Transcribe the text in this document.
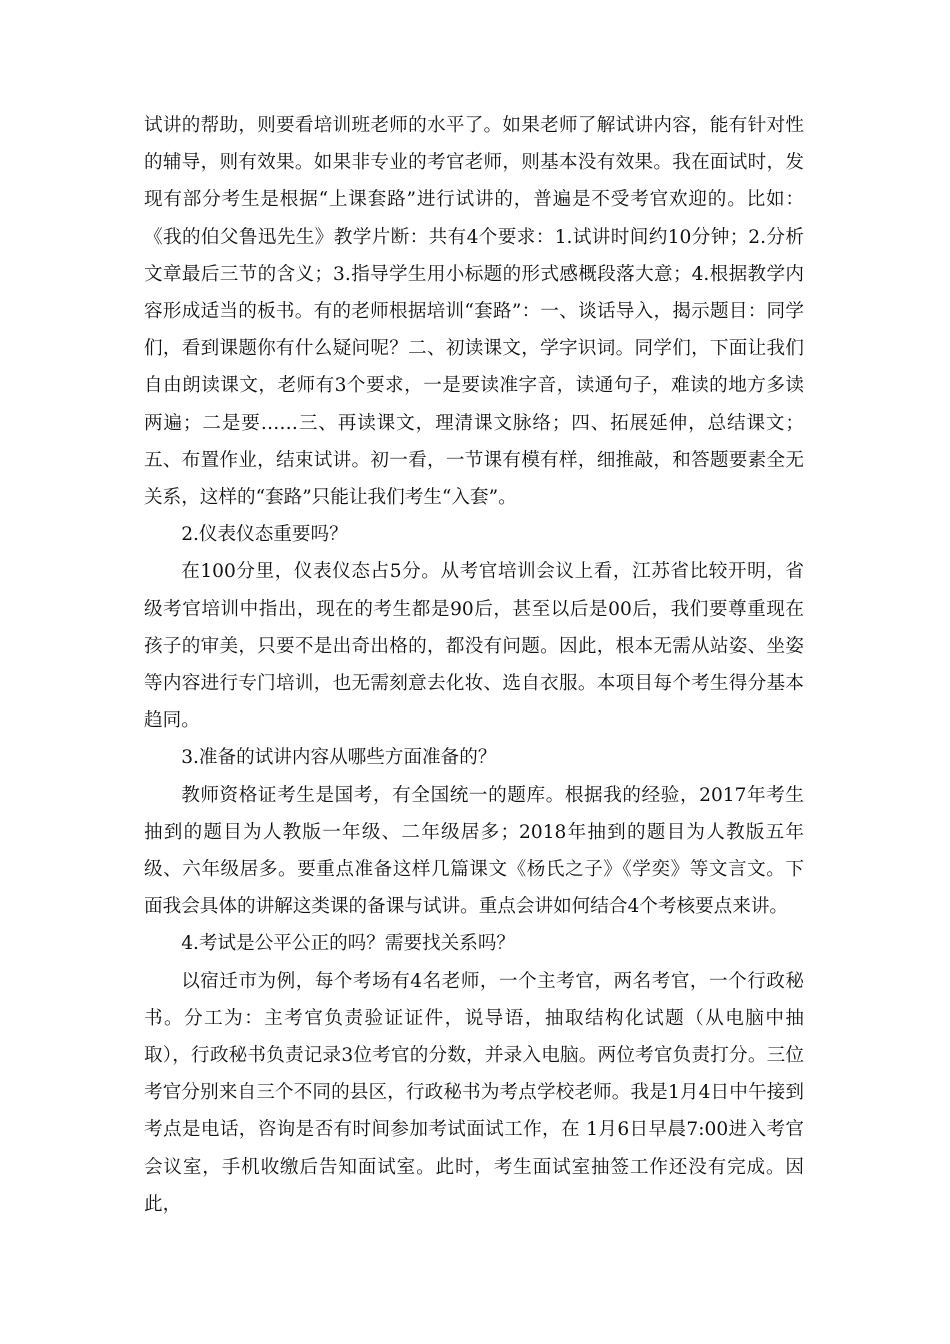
试讲的帮助，则要看培训班老师的水平了。如果老师了解试讲内容，能有针对性的辅导，则有效果。如果非专业的考官老师，则基本没有效果。我在面试时，发现有部分考生是根据“上课套路”进行试讲的，普遍是不受考官欢迎的。比如：《我的伯父鲁迅先生》教学片断：共有4个要求：1.试讲时间约10分钟；2.分析文章最后三节的含义；3.指导学生用小标题的形式感概段落大意；4.根据教学内容形成适当的板书。有的老师根据培训“套路”：一、谈话导入，揭示题目：同学们，看到课题你有什么疑问呢？二、初读课文，学字识词。同学们，下面让我们自由朗读课文，老师有3个要求，一是要读准字音，读通句子，难读的地方多读两遍；二是要……三、再读课文，理清课文脉络；四、拓展延伸，总结课文；五、布置作业，结束试讲。初一看，一节课有模有样，细推敲，和答题要素全无关系，这样的“套路”只能让我们考生“入套”。

2.仪表仪态重要吗？

在100分里，仪表仪态占5分。从考官培训会议上看，江苏省比较开明，省级考官培训中指出，现在的考生都是90后，甚至以后是00后，我们要尊重现在孩子的审美，只要不是出奇出格的，都没有问题。因此，根本无需从站姿、坐姿等内容进行专门培训，也无需刻意去化妆、选自衣服。本项目每个考生得分基本趋同。

3.准备的试讲内容从哪些方面准备的？

教师资格证考生是国考，有全国统一的题库。根据我的经验，2017年考生抽到的题目为人教版一年级、二年级居多；2018年抽到的题目为人教版五年级、六年级居多。要重点准备这样几篇课文《杨氏之子》《学奕》等文言文。下面我会具体的讲解这类课的备课与试讲。重点会讲如何结合4个考核要点来讲。

4.考试是公平公正的吗？需要找关系吗？

以宿迁市为例，每个考场有4名老师，一个主考官，两名考官，一个行政秘书。分工为：主考官负责验证证件，说导语，抽取结构化试题（从电脑中抽取），行政秘书负责记录3位考官的分数，并录入电脑。两位考官负责打分。三位考官分别来自三个不同的县区，行政秘书为考点学校老师。我是1月4日中午接到考点是电话，咨询是否有时间参加考试面试工作，在 1月6日早晨7:00进入考官会议室，手机收缴后告知面试室。此时，考生面试室抽签工作还没有完成。因此，
